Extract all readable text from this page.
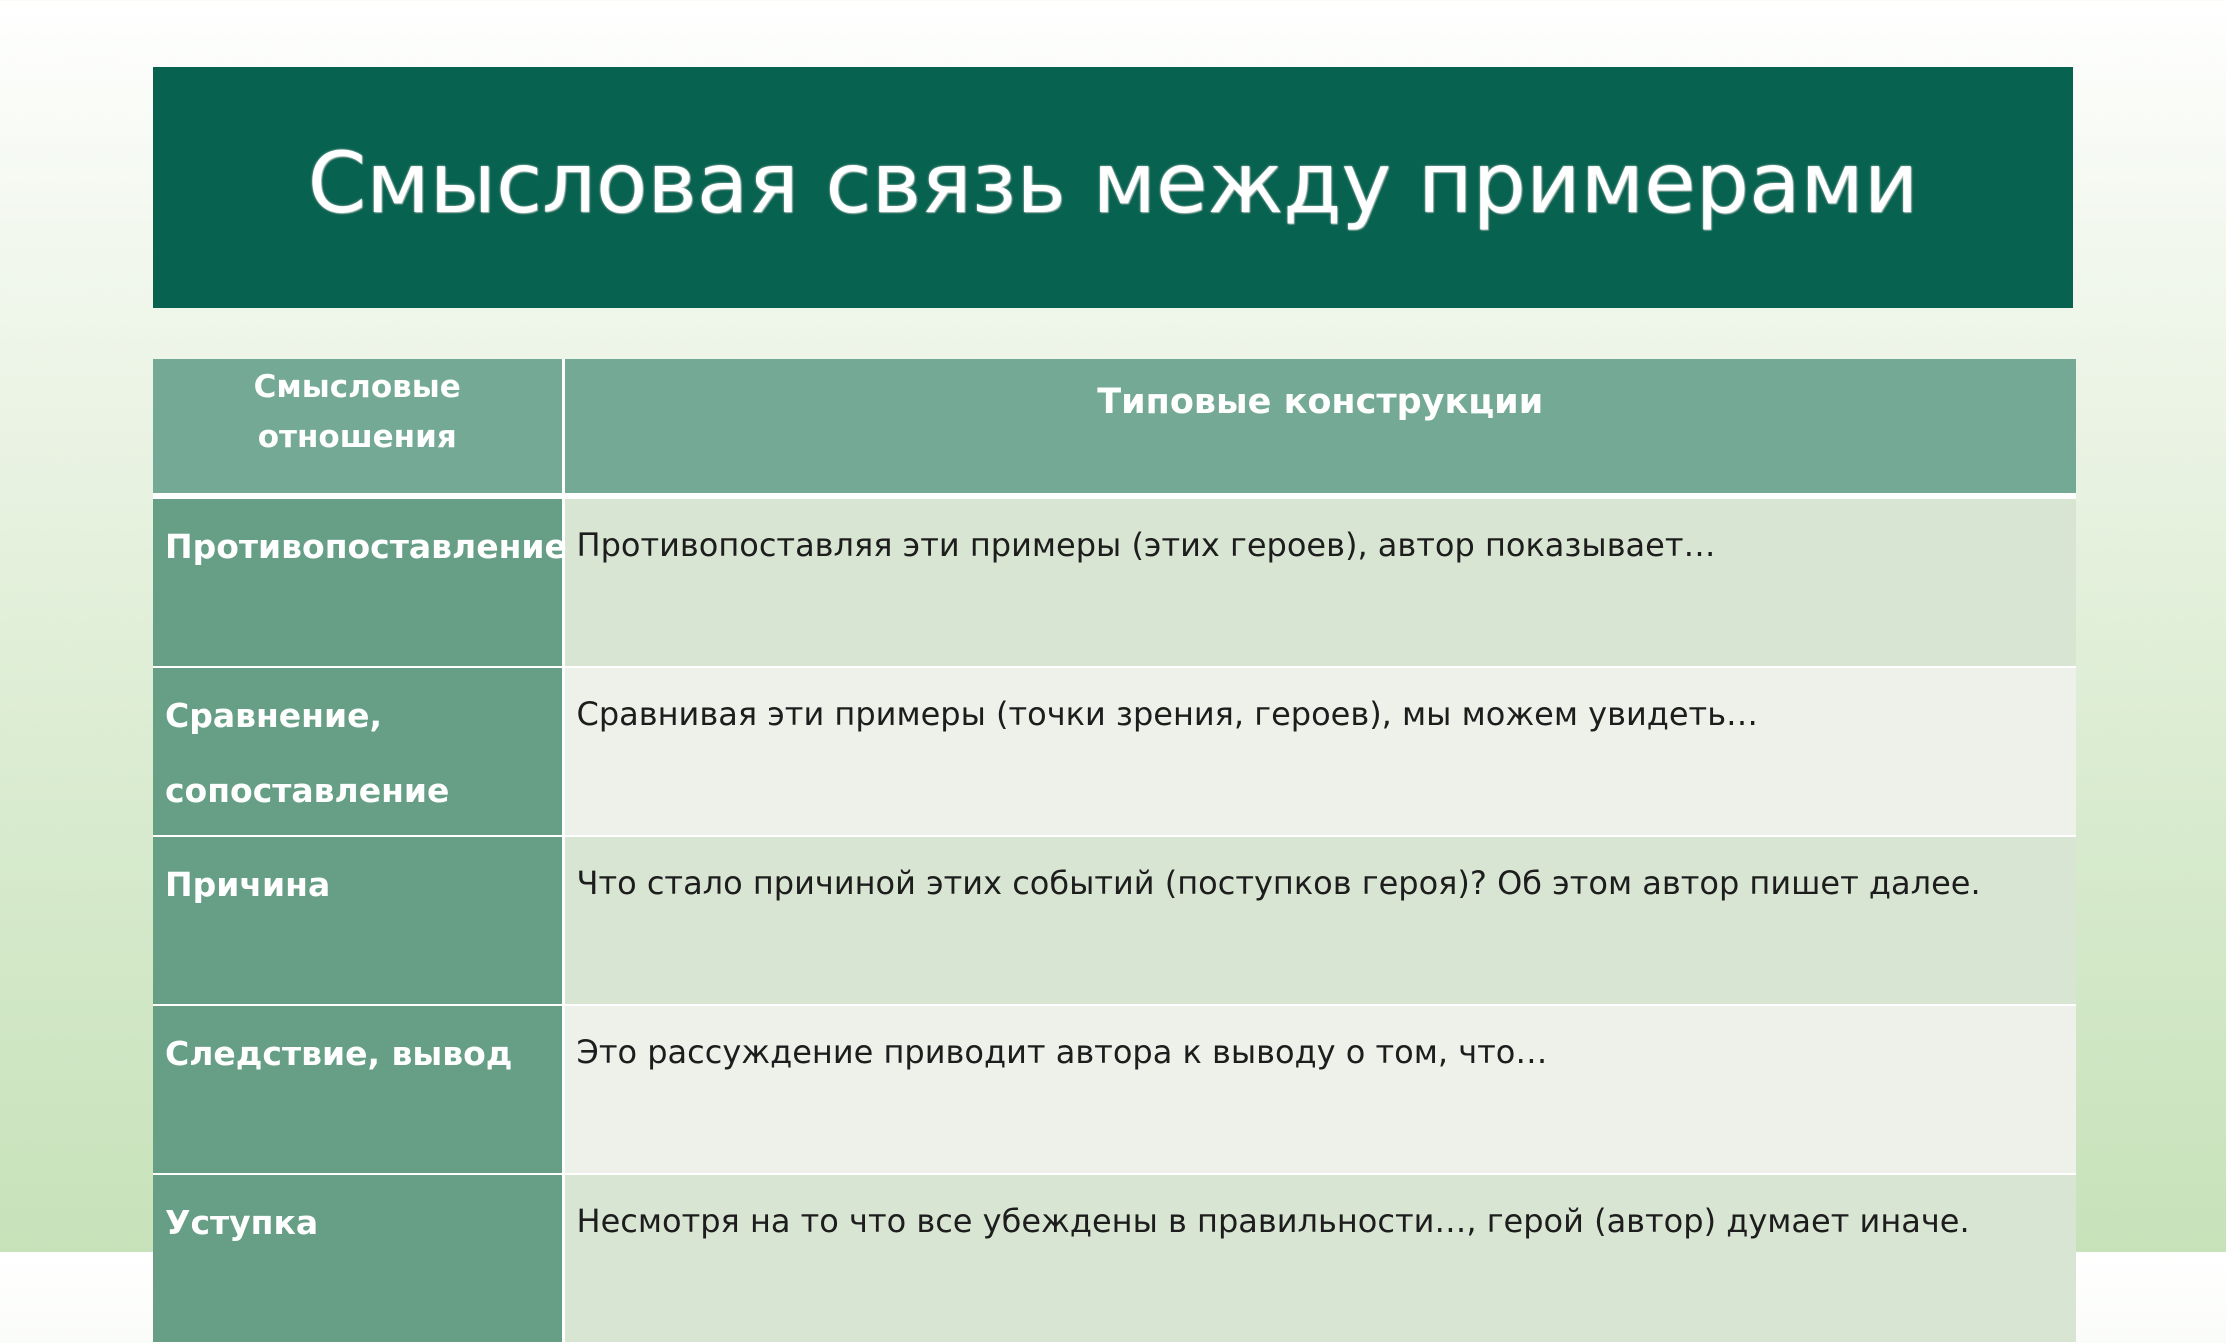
Смысловая связь между примерами
Смысловые отношения	Типовые конструкции

Противопоставление	Противопоставляя эти примеры (этих героев), автор показывает…
Сравнение, сопоставление	Сравнивая эти примеры (точки зрения, героев), мы можем увидеть…
Причина	Что стало причиной этих событий (поступков героя)? Об этом автор пишет далее.
Следствие, вывод	Это рассуждение приводит автора к выводу о том, что…
Уступка	Несмотря на то что все убеждены в правильности…, герой (автор) думает иначе.
